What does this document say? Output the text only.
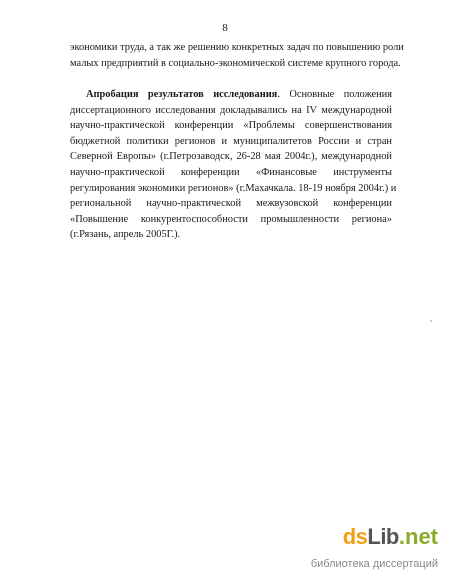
8
экономики труда, а так же решению конкретных задач по повышению роли
малых предприятий в социально-экономической системе крупного города.
Апробация результатов исследования. Основные положения
диссертационного исследования докладывались на IV международной
научно-практической конференции «Проблемы совершенствования
бюджетной политики регионов и муниципалитетов России и стран
Северной Европы» (г.Петрозаводск, 26-28 мая 2004г.), международной
научно-практической конференции «Финансовые инструменты
регулирования экономики регионов» (г.Махачкала. 18-19 ноября 2004г.) и
региональной научно-практической межвузовской конференции
«Повышение конкурентоспособности промышленности региона»
(г.Рязань, апрель 2005Г.).
ds Lib . net
библиотека диссертаций
